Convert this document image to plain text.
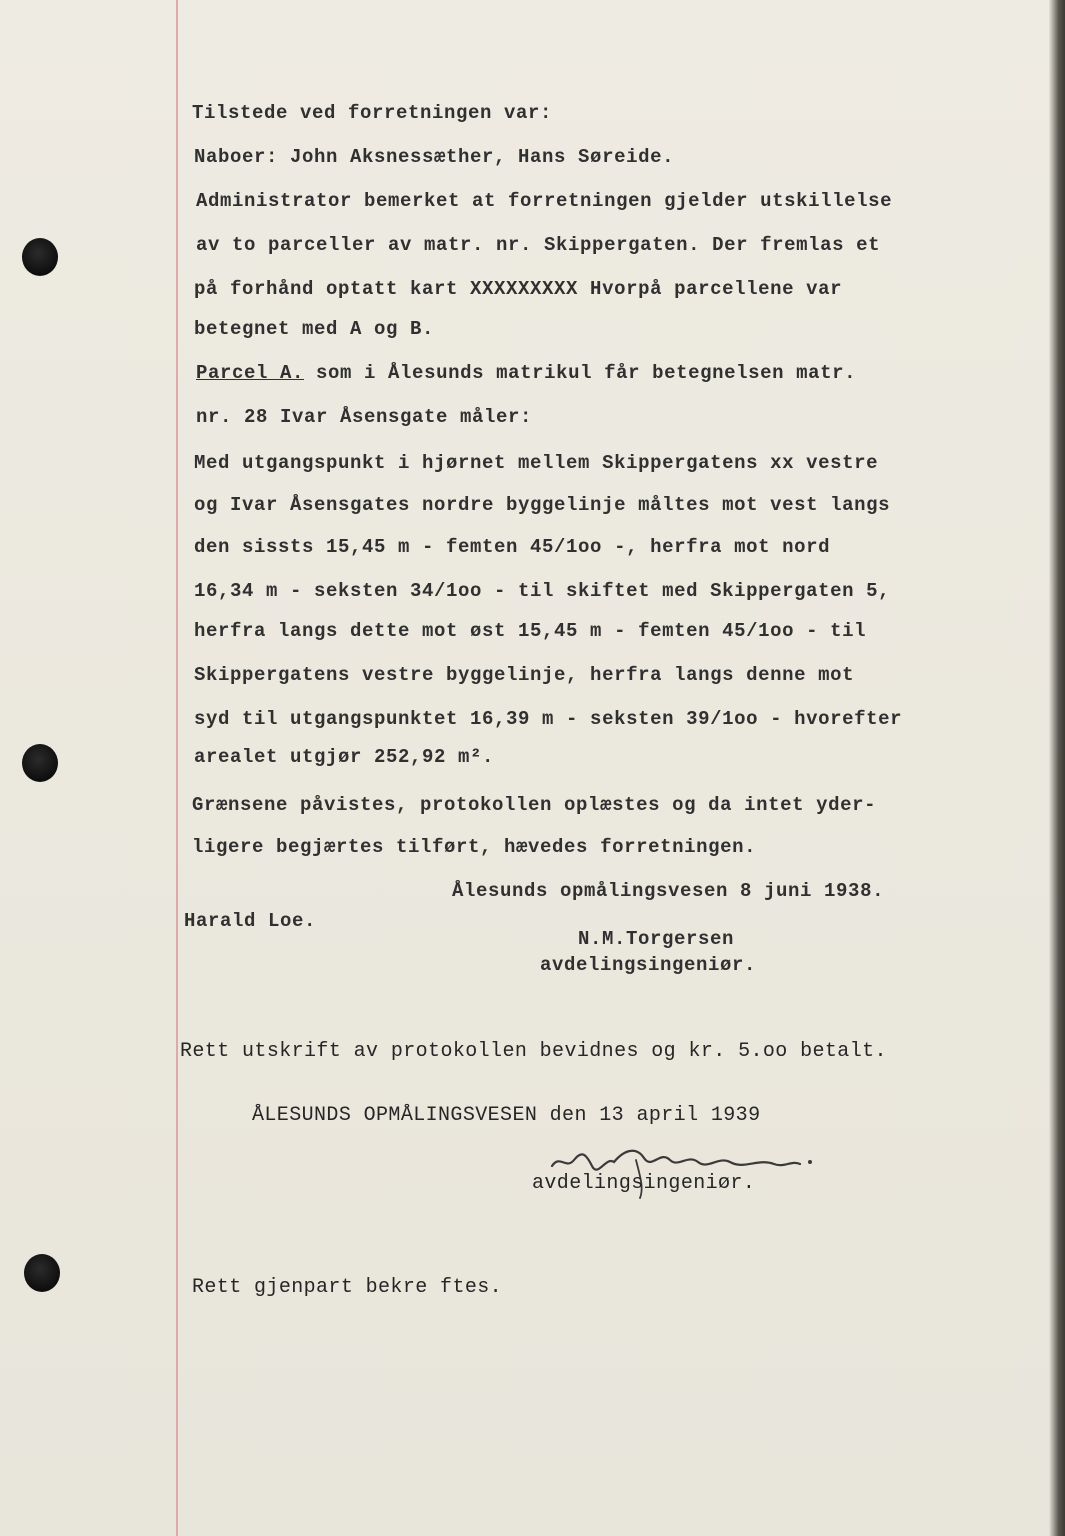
Tilstede ved forretningen var:
Naboer: John Aksnessæther, Hans Søreide.
Administrator bemerket at forretningen gjelder utskillelse
av to parceller av matr. nr. Skippergaten. Der fremlas et
på forhånd optatt kart XXXXXXXXX Hvorpå parcellene var
betegnet med A og B.
Parcel A. som i Ålesunds matrikul får betegnelsen matr.
nr. 28 Ivar Åsensgate måler:
Med utgangspunkt i hjørnet mellem Skippergatens xx vestre
og Ivar Åsensgates nordre byggelinje måltes mot vest langs
den sissts 15,45 m - femten 45/1oo -, herfra mot nord
16,34 m - seksten 34/1oo - til skiftet med Skippergaten 5,
herfra langs dette mot øst 15,45 m - femten 45/1oo - til
Skippergatens vestre byggelinje, herfra langs denne mot
syd til utgangspunktet 16,39 m - seksten 39/1oo - hvorefter
arealet utgjør 252,92 m².
Grænsene påvistes, protokollen oplæstes og da intet yder-
ligere begjærtes tilført, hævedes forretningen.
Ålesunds opmålingsvesen 8 juni 1938.
Harald Loe.
N.M.Torgersen
avdelingsingeniør.
Rett utskrift av protokollen bevidnes og kr. 5.oo betalt.
ÅLESUNDS OPMÅLINGSVESEN den 13 april 1939
avdelingsingeniør.
Rett gjenpart bekre ftes.
